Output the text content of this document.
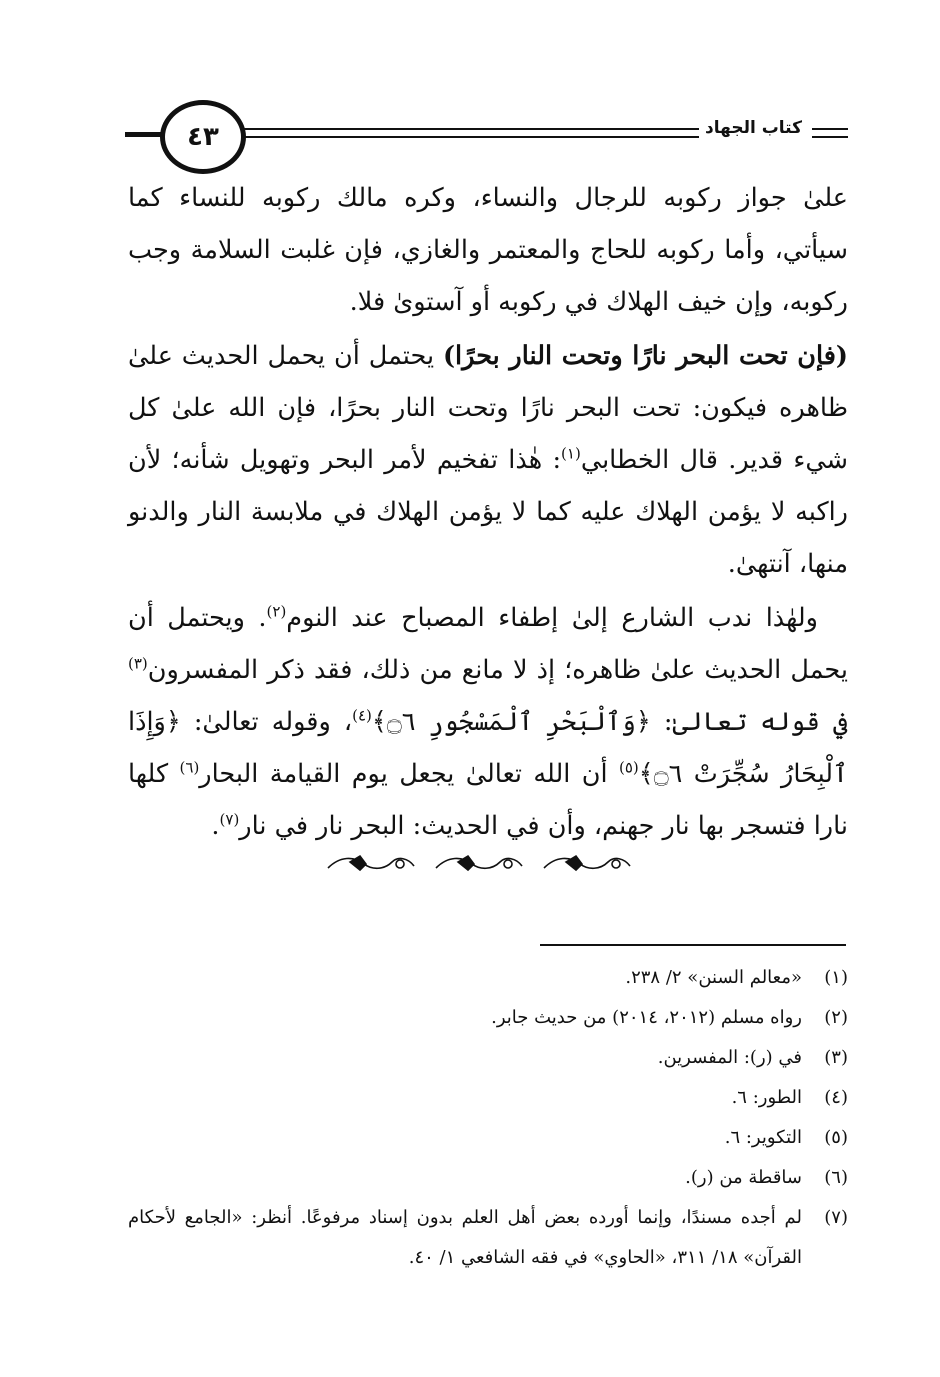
٤٣	كتاب الجهاد

علىٰ جواز ركوبه للرجال والنساء، وكره مالك ركوبه للنساء كما سيأتي، وأما ركوبه للحاج والمعتمر والغازي، فإن غلبت السلامة وجب ركوبه، وإن خيف الهلاك في ركوبه أو آستوىٰ فلا.

(فإن تحت البحر نارًا وتحت النار بحرًا) يحتمل أن يحمل الحديث علىٰ ظاهره فيكون: تحت البحر نارًا وتحت النار بحرًا، فإن الله علىٰ كل شيء قدير. قال الخطابي$^{(١)}$: هٰذا تفخيم لأمر البحر وتهويل شأنه؛ لأن راكبه لا يؤمن الهلاك عليه كما لا يؤمن الهلاك في ملابسة النار والدنو منها، آنتهىٰ.

ولهٰذا ندب الشارع إلىٰ إطفاء المصباح عند النوم$^{(٢)}$. ويحتمل أن يحمل الحديث علىٰ ظاهره؛ إذ لا مانع من ذلك، فقد ذكر المفسرون$^{(٣)}$ في قوله تعالىٰ: ﴿وَٱلْبَحْرِ ٱلْمَسْجُورِ ۝٦﴾$^{(٤)}$، وقوله تعالىٰ: ﴿وَإِذَا ٱلْبِحَارُ سُجِّرَتْ ۝٦﴾$^{(٥)}$ أن الله تعالىٰ يجعل يوم القيامة البحار$^{(٦)}$ كلها نارا فتسجر بها نار جهنم، وأن في الحديث: البحر نار في نار$^{(٧)}$.

(١)
«معالم السنن» ٢/ ٢٣٨.
(٢)
رواه مسلم (٢٠١٢، ٢٠١٤) من حديث جابر.
(٣)
في (ر): المفسرين.
(٤)
الطور: ٦.
(٥)
التكوير: ٦.
(٦)
ساقطة من (ر).
(٧)
لم أجده مسندًا، وإنما أورده بعض أهل العلم بدون إسناد مرفوعًا. أنظر: «الجامع لأحكام القرآن» ١٨/ ٣١١، «الحاوي» في فقه الشافعي ١/ ٤٠.
